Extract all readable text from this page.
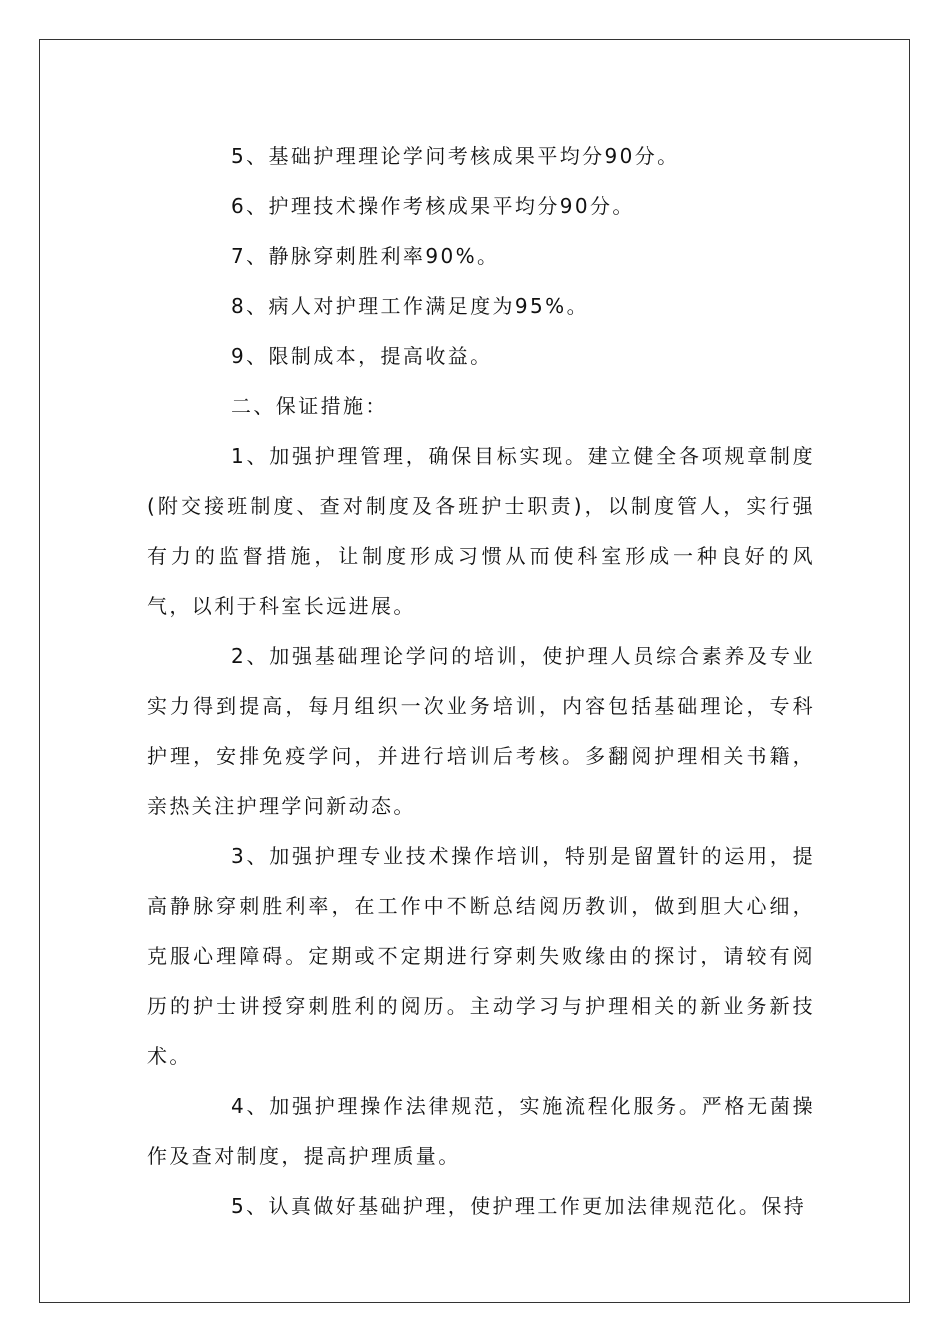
5、基础护理理论学问考核成果平均分90分。

6、护理技术操作考核成果平均分90分。

7、静脉穿刺胜利率90%。

8、病人对护理工作满足度为95%。

9、限制成本，提高收益。

二、保证措施：

1、加强护理管理，确保目标实现。建立健全各项规章制度(附交接班制度、查对制度及各班护士职责)，以制度管人，实行强有力的监督措施，让制度形成习惯从而使科室形成一种良好的风气，以利于科室长远进展。

2、加强基础理论学问的培训，使护理人员综合素养及专业实力得到提高，每月组织一次业务培训，内容包括基础理论，专科护理，安排免疫学问，并进行培训后考核。多翻阅护理相关书籍，亲热关注护理学问新动态。

3、加强护理专业技术操作培训，特别是留置针的运用，提高静脉穿刺胜利率，在工作中不断总结阅历教训，做到胆大心细，克服心理障碍。定期或不定期进行穿刺失败缘由的探讨，请较有阅历的护士讲授穿刺胜利的阅历。主动学习与护理相关的新业务新技术。

4、加强护理操作法律规范，实施流程化服务。严格无菌操作及查对制度，提高护理质量。

5、认真做好基础护理，使护理工作更加法律规范化。保持
